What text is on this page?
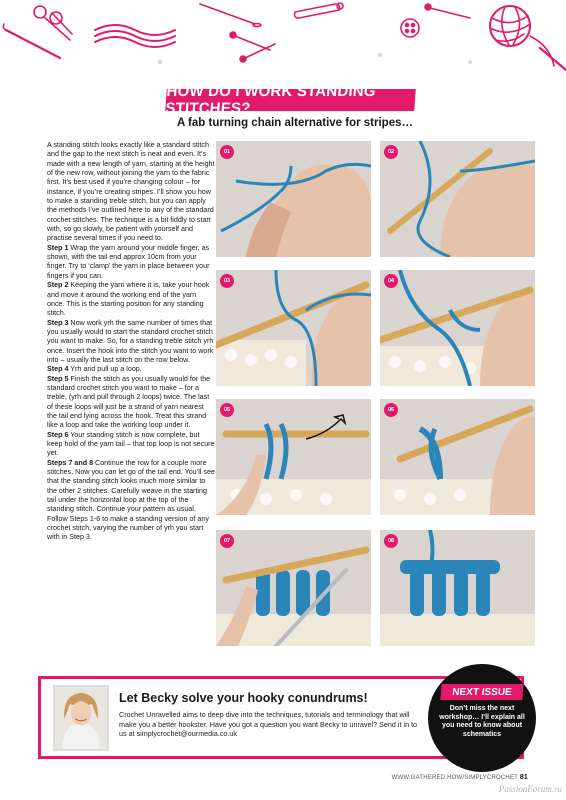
HOW DO I WORK STANDING STITCHES?
A fab turning chain alternative for stripes…

A standing stitch looks exactly like a standard stitch and the gap to the next stitch is neat and even. It’s made with a new length of yarn, starting at the height of the new row, without joining the yarn to the fabric first. It’s best used if you’re changing colour – for instance, if you’re creating stripes. I’ll show you how to make a standing treble stitch, but you can apply the methods I’ve outlined here to any of the standard crochet stitches. The technique is a bit fiddly to start with, so go slowly, be patient with yourself and practise several times if you need to.

Step 1 Wrap the yarn around your middle finger, as shown, with the tail end approx 10cm from your finger. Try to ‘clamp’ the yarn in place between your fingers if you can.

Step 2 Keeping the yarn where it is, take your hook and move it around the working end of the yarn once. This is the starting position for any standing stitch.

Step 3 Now work yrh the same number of times that you usually would to start the standard crochet stitch you want to make. So, for a standing treble stitch yrh once. Insert the hook into the stitch you want to work into – usually the last stitch on the row below.

Step 4 Yrh and pull up a loop.

Step 5 Finish the stitch as you usually would for the standard crochet stitch you want to make – for a treble, (yrh and pull through 2 loops) twice. The last of these loops will just be a strand of yarn nearest the tail end lying across the hook. Treat this strand like a loop and take the working loop under it.

Step 6 Your standing stitch is now complete, but keep hold of the yarn tail – that top loop is not secure yet.

Steps 7 and 8 Continue the row for a couple more stitches. Now you can let go of the tail end. You’ll see that the standing stitch looks much more similar to the other 2 stitches. Carefully weave in the starting tail under the horizontal loop at the top of the standing stitch. Continue your pattern as usual. Follow Steps 1-6 to make a standing version of any crochet stitch, varying the number of yrh you start with in Step 3.

01	02
03	04
05	06
07	08
Let Becky solve your hooky conundrums!
Crochet Unravelled aims to deep dive into the techniques, tutorials and terminology that will make you a better hookster. Have you got a question you want Becky to unravel? Send it in to us at simplycrochet@ourmedia.co.uk
NEXT ISSUE
Don’t miss the next workshop… I’ll explain all you need to know about schematics
WWW.GATHERED.HOW/SIMPLYCROCHET 81
PassionForum.ru
